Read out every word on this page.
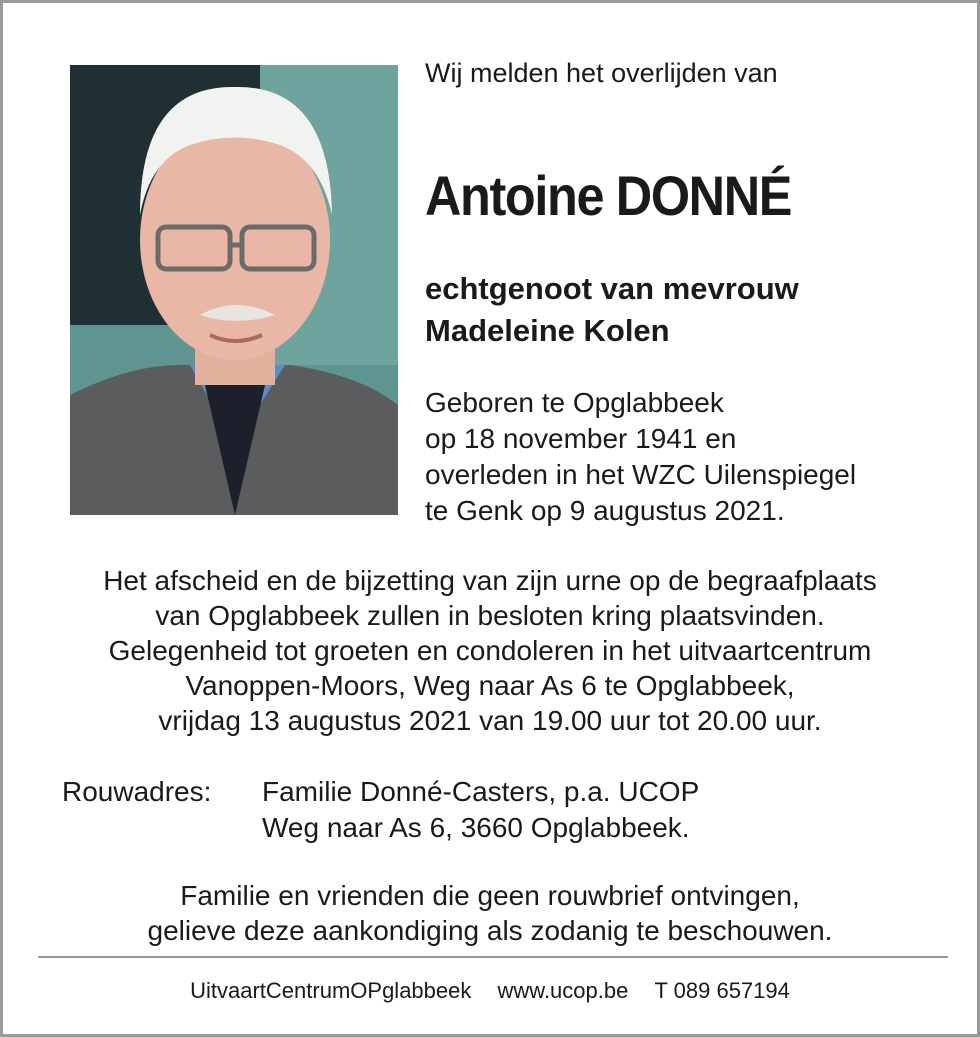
Wij melden het overlijden van
Antoine DONNÉ
echtgenoot van mevrouw
Madeleine Kolen
Geboren te Opglabbeek
op 18 november 1941 en
overleden in het WZC Uilenspiegel
te Genk op 9 augustus 2021.
Het afscheid en de bijzetting van zijn urne op de begraafplaats
van Opglabbeek zullen in besloten kring plaatsvinden.
Gelegenheid tot groeten en condoleren in het uitvaartcentrum
Vanoppen-Moors, Weg naar As 6 te Opglabbeek,
vrijdag 13 augustus 2021 van 19.00 uur tot 20.00 uur.
Rouwadres: Familie Donné-Casters, p.a. UCOP
Weg naar As 6, 3660 Opglabbeek.
Familie en vrienden die geen rouwbrief ontvingen,
gelieve deze aankondiging als zodanig te beschouwen.
UitvaartCentrumOPglabbeek www.ucop.be T 089 657194
